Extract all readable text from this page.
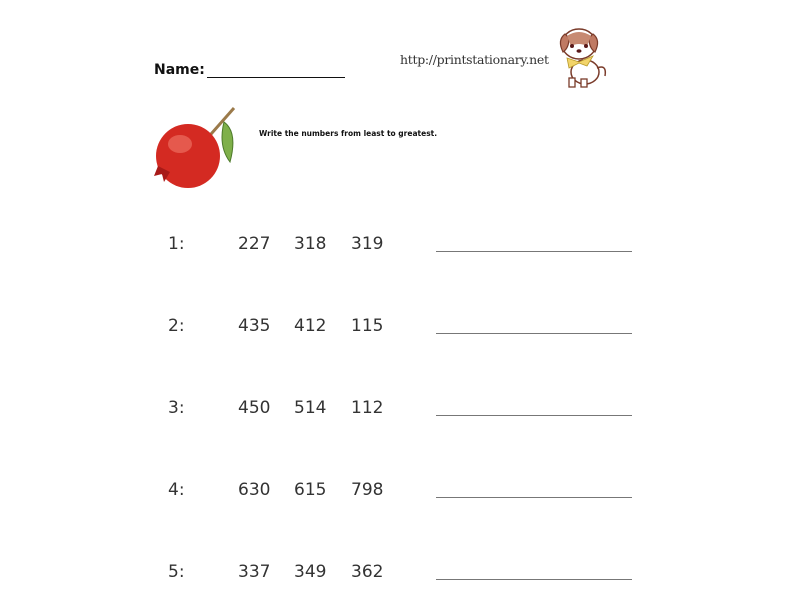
Name:
http://printstationary.net
Write the numbers from least to greatest.
1:	227 318 319
2:	435 412 115
3:	450 514 112
4:	630 615 798
5:	337 349 362
